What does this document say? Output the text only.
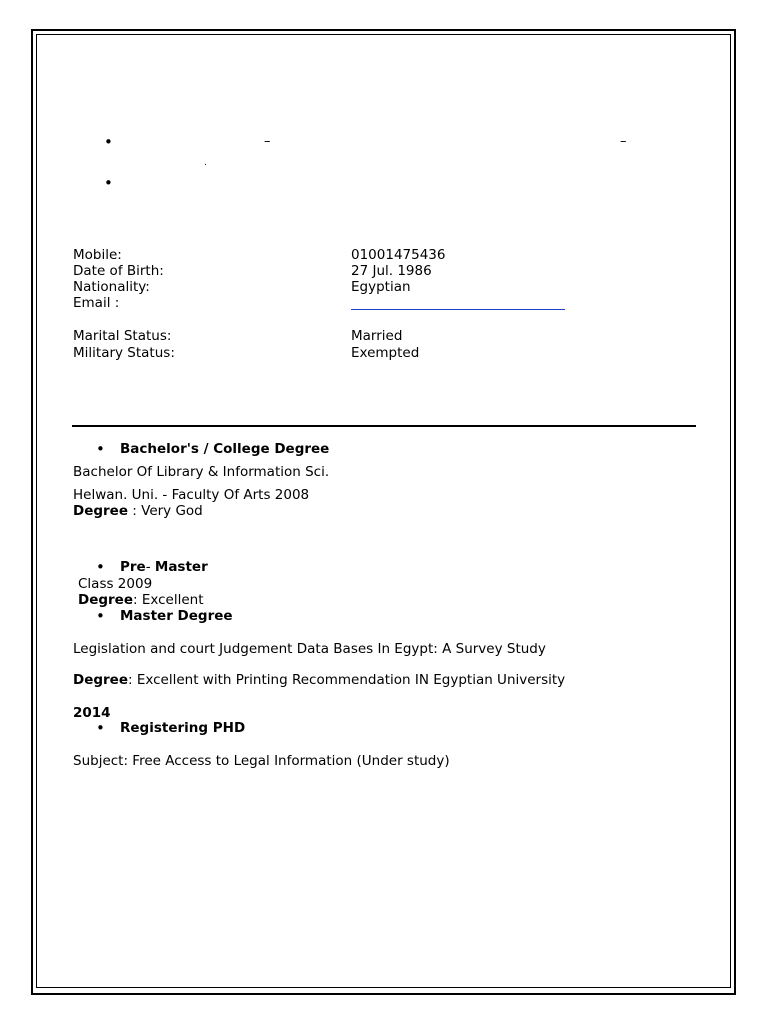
•	–	–
.
•
Mobile:	01001475436
Date of Birth:	27 Jul. 1986
Nationality:	Egyptian
Email :
Marital Status:	Married
Military Status:	Exempted
• Bachelor's / College Degree
Bachelor Of Library & Information Sci.
Helwan. Uni. - Faculty Of Arts 2008
Degree : Very God
• Pre- Master
Class 2009
Degree: Excellent
• Master Degree
Legislation and court Judgement Data Bases In Egypt: A Survey Study
Degree: Excellent with Printing Recommendation IN Egyptian University
2014
• Registering PHD
Subject: Free Access to Legal Information (Under study)
